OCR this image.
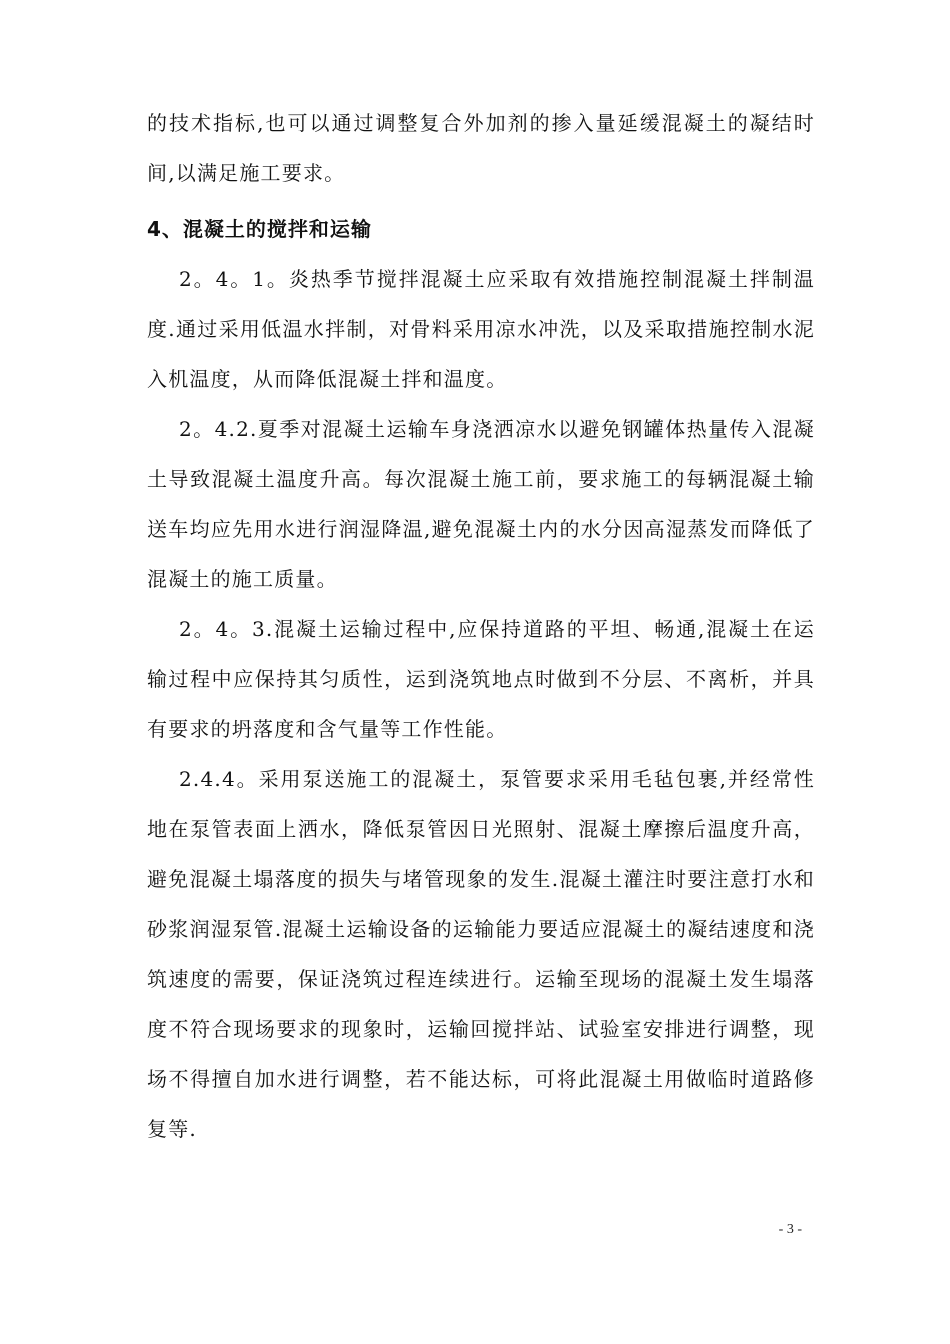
的技术指标,也可以通过调整复合外加剂的掺入量延缓混凝土的凝结时间,以满足施工要求。

4、混凝土的搅拌和运输

2。4。1。炎热季节搅拌混凝土应采取有效措施控制混凝土拌制温度.通过采用低温水拌制，对骨料采用凉水冲洗，以及采取措施控制水泥入机温度，从而降低混凝土拌和温度。

2。4.2.夏季对混凝土运输车身浇洒凉水以避免钢罐体热量传入混凝土导致混凝土温度升高。每次混凝土施工前，要求施工的每辆混凝土输送车均应先用水进行润湿降温,避免混凝土内的水分因高湿蒸发而降低了混凝土的施工质量。

2。4。3.混凝土运输过程中,应保持道路的平坦、畅通,混凝土在运输过程中应保持其匀质性，运到浇筑地点时做到不分层、不离析，并具有要求的坍落度和含气量等工作性能。

2.4.4。采用泵送施工的混凝土，泵管要求采用毛毡包裹,并经常性地在泵管表面上洒水，降低泵管因日光照射、混凝土摩擦后温度升高，避免混凝土塌落度的损失与堵管现象的发生.混凝土灌注时要注意打水和砂浆润湿泵管.混凝土运输设备的运输能力要适应混凝土的凝结速度和浇筑速度的需要，保证浇筑过程连续进行。运输至现场的混凝土发生塌落度不符合现场要求的现象时，运输回搅拌站、试验室安排进行调整，现场不得擅自加水进行调整，若不能达标，可将此混凝土用做临时道路修复等.

- 3 -
